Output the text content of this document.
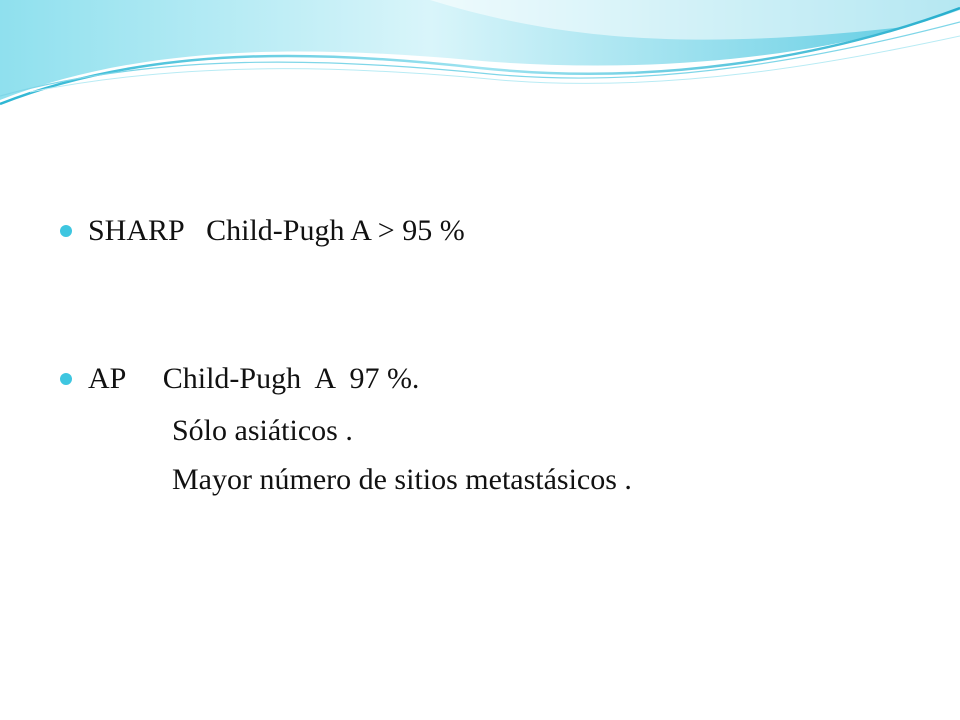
SHARP   Child-Pugh A > 95 %
AP     Child-Pugh  A  97 %.
Sólo asiáticos .
Mayor número de sitios metastásicos .
